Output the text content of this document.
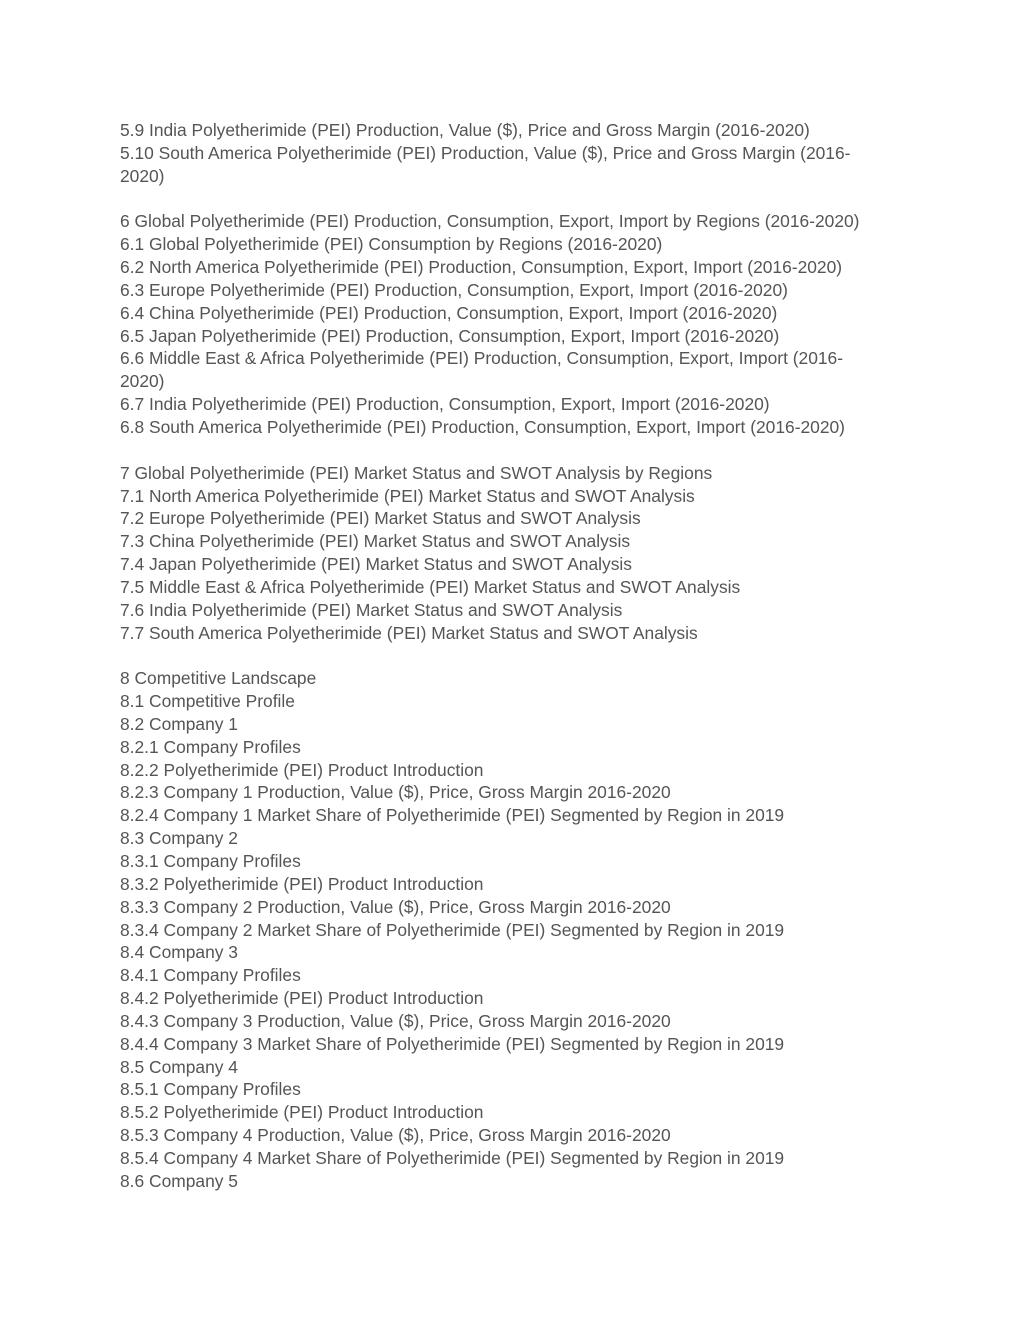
5.9 India Polyetherimide (PEI) Production, Value ($), Price and Gross Margin (2016-2020)
5.10 South America Polyetherimide (PEI) Production, Value ($), Price and Gross Margin (2016-
2020)
6 Global Polyetherimide (PEI) Production, Consumption, Export, Import by Regions (2016-2020)
6.1 Global Polyetherimide (PEI) Consumption by Regions (2016-2020)
6.2 North America Polyetherimide (PEI) Production, Consumption, Export, Import (2016-2020)
6.3 Europe Polyetherimide (PEI) Production, Consumption, Export, Import (2016-2020)
6.4 China Polyetherimide (PEI) Production, Consumption, Export, Import (2016-2020)
6.5 Japan Polyetherimide (PEI) Production, Consumption, Export, Import (2016-2020)
6.6 Middle East & Africa Polyetherimide (PEI) Production, Consumption, Export, Import (2016-
2020)
6.7 India Polyetherimide (PEI) Production, Consumption, Export, Import (2016-2020)
6.8 South America Polyetherimide (PEI) Production, Consumption, Export, Import (2016-2020)
7 Global Polyetherimide (PEI) Market Status and SWOT Analysis by Regions
7.1 North America Polyetherimide (PEI) Market Status and SWOT Analysis
7.2 Europe Polyetherimide (PEI) Market Status and SWOT Analysis
7.3 China Polyetherimide (PEI) Market Status and SWOT Analysis
7.4 Japan Polyetherimide (PEI) Market Status and SWOT Analysis
7.5 Middle East & Africa Polyetherimide (PEI) Market Status and SWOT Analysis
7.6 India Polyetherimide (PEI) Market Status and SWOT Analysis
7.7 South America Polyetherimide (PEI) Market Status and SWOT Analysis
8 Competitive Landscape
8.1 Competitive Profile
8.2 Company 1
8.2.1 Company Profiles
8.2.2 Polyetherimide (PEI) Product Introduction
8.2.3 Company 1 Production, Value ($), Price, Gross Margin 2016-2020
8.2.4 Company 1 Market Share of Polyetherimide (PEI) Segmented by Region in 2019
8.3 Company 2
8.3.1 Company Profiles
8.3.2 Polyetherimide (PEI) Product Introduction
8.3.3 Company 2 Production, Value ($), Price, Gross Margin 2016-2020
8.3.4 Company 2 Market Share of Polyetherimide (PEI) Segmented by Region in 2019
8.4 Company 3
8.4.1 Company Profiles
8.4.2 Polyetherimide (PEI) Product Introduction
8.4.3 Company 3 Production, Value ($), Price, Gross Margin 2016-2020
8.4.4 Company 3 Market Share of Polyetherimide (PEI) Segmented by Region in 2019
8.5 Company 4
8.5.1 Company Profiles
8.5.2 Polyetherimide (PEI) Product Introduction
8.5.3 Company 4 Production, Value ($), Price, Gross Margin 2016-2020
8.5.4 Company 4 Market Share of Polyetherimide (PEI) Segmented by Region in 2019
8.6 Company 5
